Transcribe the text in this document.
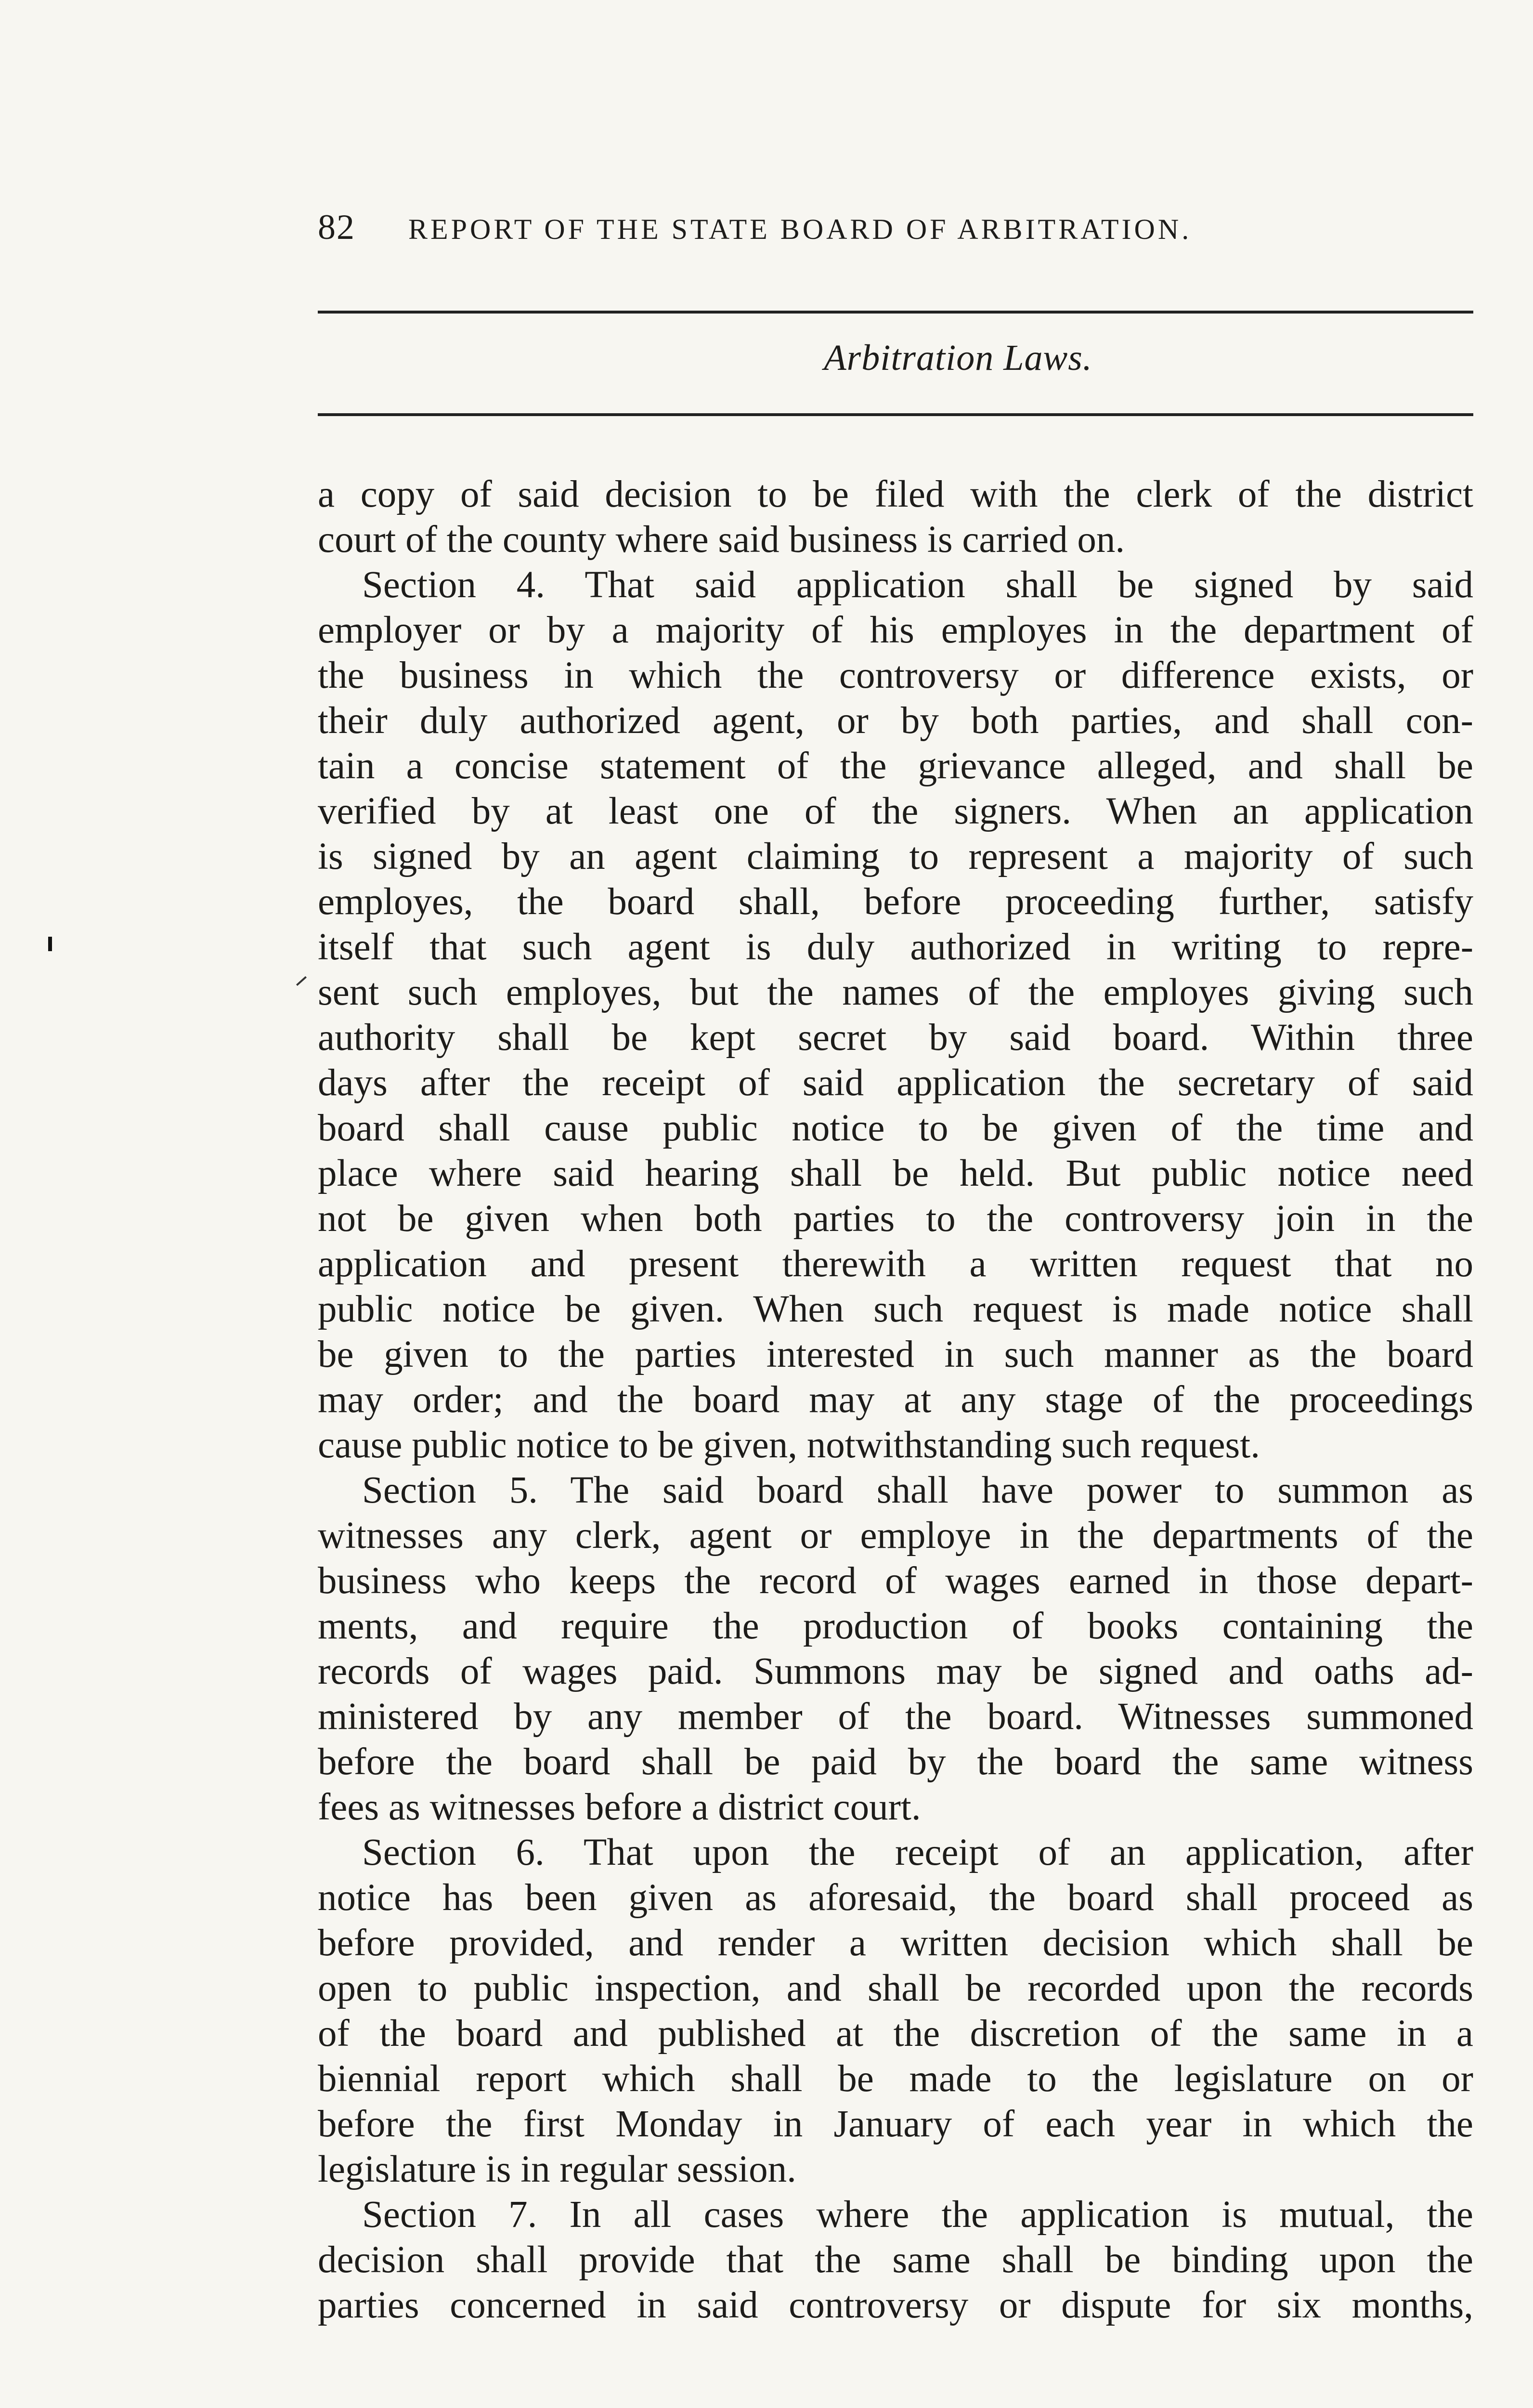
82 REPORT OF THE STATE BOARD OF ARBITRATION.
Arbitration Laws.
a copy of said decision to be filed with the clerk of the district
court of the county where said business is carried on.
Section 4. That said application shall be signed by said
employer or by a majority of his employes in the department of
the business in which the controversy or difference exists, or
their duly authorized agent, or by both parties, and shall con-
tain a concise statement of the grievance alleged, and shall be
verified by at least one of the signers. When an application
is signed by an agent claiming to represent a majority of such
employes, the board shall, before proceeding further, satisfy
itself that such agent is duly authorized in writing to repre-
sent such employes, but the names of the employes giving such
authority shall be kept secret by said board. Within three
days after the receipt of said application the secretary of said
board shall cause public notice to be given of the time and
place where said hearing shall be held. But public notice need
not be given when both parties to the controversy join in the
application and present therewith a written request that no
public notice be given. When such request is made notice shall
be given to the parties interested in such manner as the board
may order; and the board may at any stage of the proceedings
cause public notice to be given, notwithstanding such request.
Section 5. The said board shall have power to summon as
witnesses any clerk, agent or employe in the departments of the
business who keeps the record of wages earned in those depart-
ments, and require the production of books containing the
records of wages paid. Summons may be signed and oaths ad-
ministered by any member of the board. Witnesses summoned
before the board shall be paid by the board the same witness
fees as witnesses before a district court.
Section 6. That upon the receipt of an application, after
notice has been given as aforesaid, the board shall proceed as
before provided, and render a written decision which shall be
open to public inspection, and shall be recorded upon the records
of the board and published at the discretion of the same in a
biennial report which shall be made to the legislature on or
before the first Monday in January of each year in which the
legislature is in regular session.
Section 7. In all cases where the application is mutual, the
decision shall provide that the same shall be binding upon the
parties concerned in said controversy or dispute for six months,
